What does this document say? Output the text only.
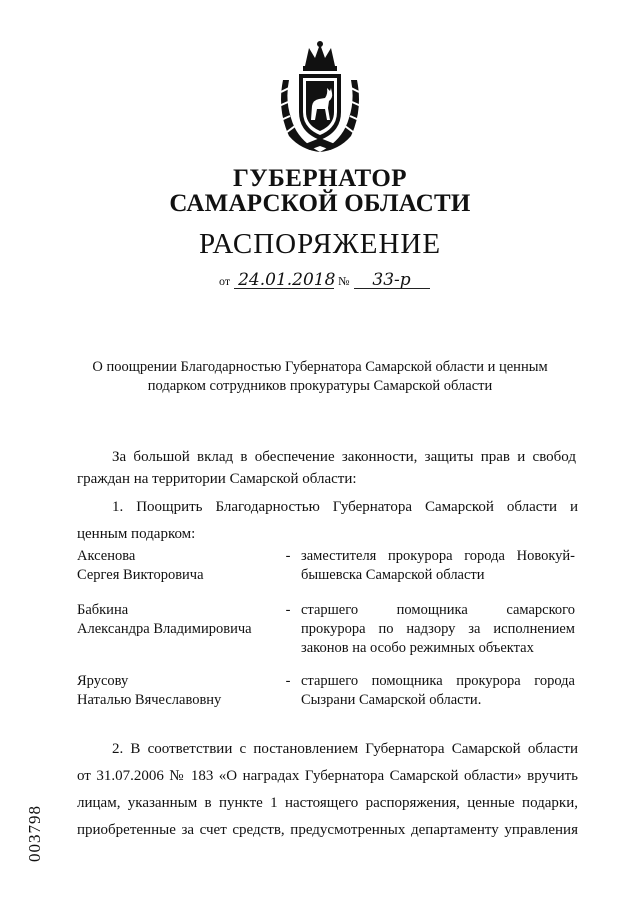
ГУБЕРНАТОР
САМАРСКОЙ ОБЛАСТИ
РАСПОРЯЖЕНИЕ
от 24.01.2018 № 33-р
О поощрении Благодарностью Губернатора Самарской области и ценным
подарком сотрудников прокуратуры Самарской области
За большой вклад в обеспечение законности, защиты прав и свобод
граждан на территории Самарской области:
1. Поощрить Благодарностью Губернатора Самарской области и
ценным подарком:
Аксенова
Сергея Викторовича
- заместителя прокурора города Новокуй-
бышевска Самарской области
Бабкина
Александра Владимировича
- старшего помощника самарского
прокурора по надзору за исполнением
законов на особо режимных объектах
Ярусову
Наталью Вячеславовну
- старшего помощника прокурора города
Сызрани Самарской области.
2. В соответствии с постановлением Губернатора Самарской области
от 31.07.2006 № 183 «О наградах Губернатора Самарской области» вручить
лицам, указанным в пункте 1 настоящего распоряжения, ценные подарки,
приобретенные за счет средств, предусмотренных департаменту управления
003798
